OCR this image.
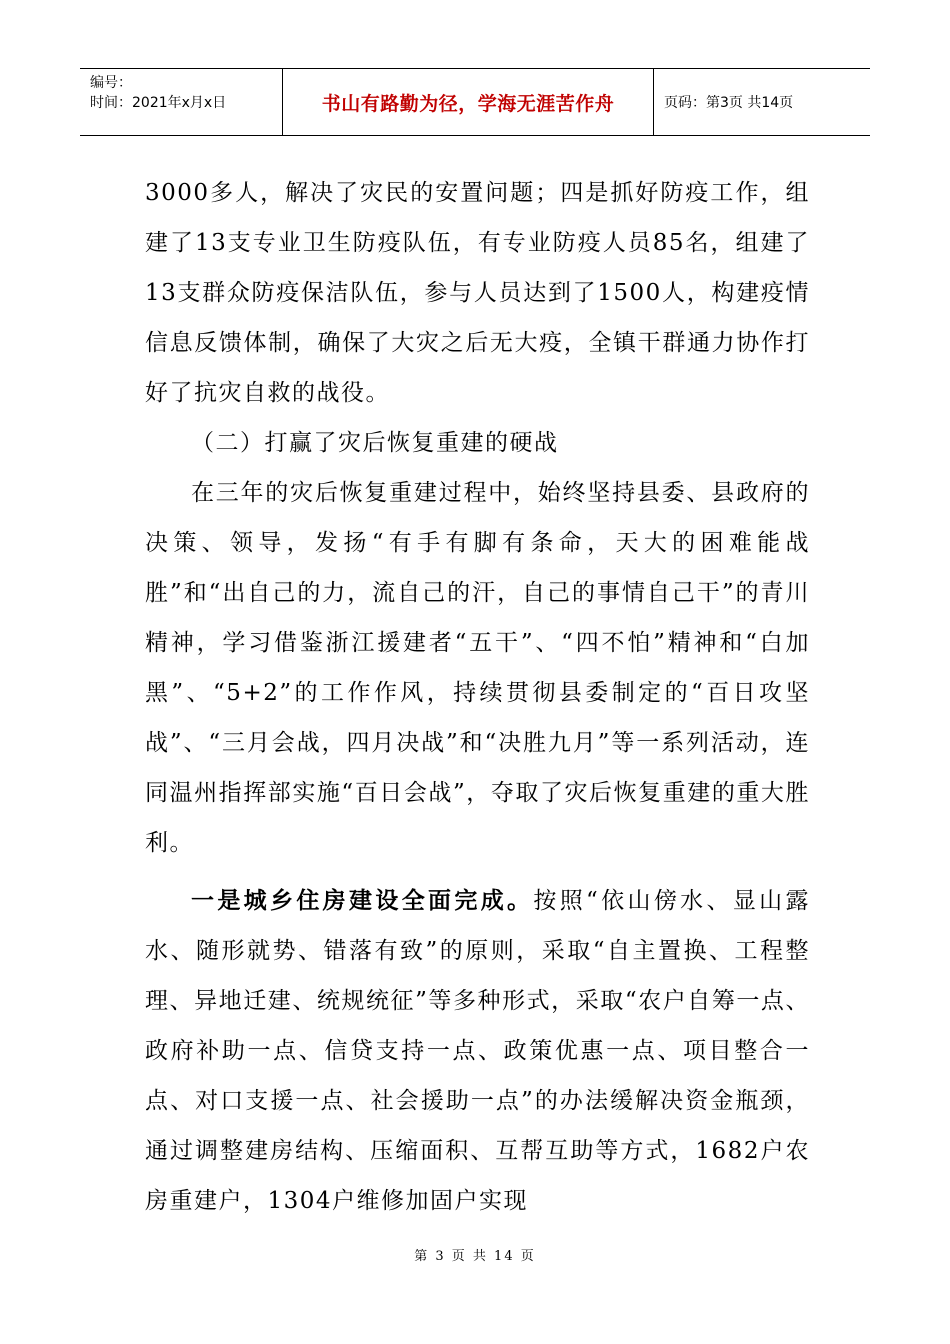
编号：
时间：2021年x月x日	书山有路勤为径，学海无涯苦作舟	页码：第3页 共14页

3000多人，解决了灾民的安置问题；四是抓好防疫工作，组建了13支专业卫生防疫队伍，有专业防疫人员85名，组建了13支群众防疫保洁队伍，参与人员达到了1500人，构建疫情信息反馈体制，确保了大灾之后无大疫，全镇干群通力协作打好了抗灾自救的战役。

（二）打赢了灾后恢复重建的硬战

在三年的灾后恢复重建过程中，始终坚持县委、县政府的决策、领导，发扬“有手有脚有条命，天大的困难能战胜”和“出自己的力，流自己的汗，自己的事情自己干”的青川精神，学习借鉴浙江援建者“五干”、“四不怕”精神和“白加黑”、“5+2”的工作作风，持续贯彻县委制定的“百日攻坚战”、“三月会战，四月决战”和“决胜九月”等一系列活动，连同温州指挥部实施“百日会战”，夺取了灾后恢复重建的重大胜利。

一是城乡住房建设全面完成。按照“依山傍水、显山露水、随形就势、错落有致”的原则，采取“自主置换、工程整理、异地迁建、统规统征”等多种形式，采取“农户自筹一点、政府补助一点、信贷支持一点、政策优惠一点、项目整合一点、对口支援一点、社会援助一点”的办法缓解决资金瓶颈，通过调整建房结构、压缩面积、互帮互助等方式，1682户农房重建户，1304户维修加固户实现

第 3 页 共 14 页
